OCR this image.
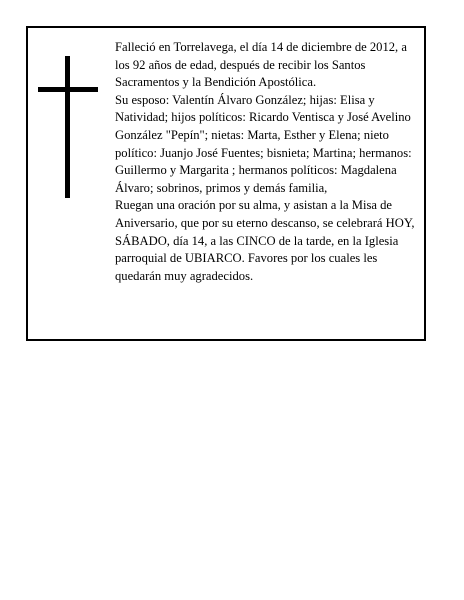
Falleció en Torrelavega, el día 14 de diciembre de 2012, a los 92 años de edad, después de recibir los Santos Sacramentos y la Bendición Apostólica.

Su esposo: Valentín Álvaro González; hijas: Elisa y Natividad; hijos políticos: Ricardo Ventisca y José Avelino González "Pepín"; nietas: Marta, Esther y Elena; nieto político: Juanjo José Fuentes; bisnieta; Martina; hermanos: Guillermo y Margarita ; hermanos políticos: Magdalena Álvaro; sobrinos, primos y demás familia,

Ruegan una oración por su alma, y asistan a la Misa de Aniversario, que por su eterno descanso, se celebrará HOY, SÁBADO, día 14, a las CINCO de la tarde, en la Iglesia parroquial de UBIARCO. Favores por los cuales les quedarán muy agradecidos.
